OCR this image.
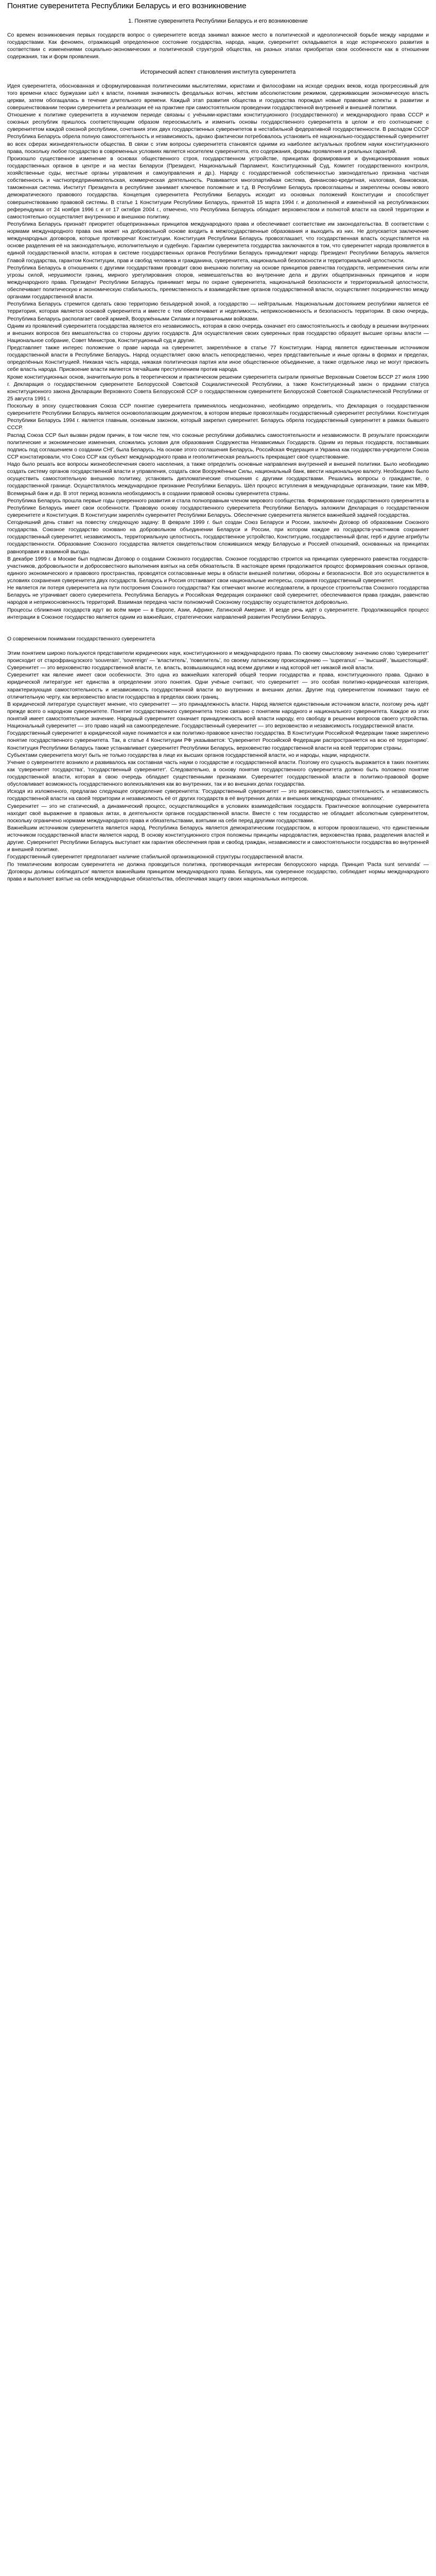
Понятие суверенитета Республики Беларусь и его возникновение
1. Понятие суверенитета Республики Беларусь и его возникновение

Со времен возникновения первых государств вопрос о суверенитете всегда занимал важное место в политической и идеологической борьбе между народами и государствами. Как феномен, отражающий определенное состояние государства, народа, нации, суверенитет складывается в ходе исторического развития в соответствии с изменениями социально-экономических и политической структурой общества, на разных этапах приобретая свои особенности как в отношении содержания, так и форм проявления.

Исторический аспект становления института суверенитета

Идея суверенитета, обоснованная и сформулированная политическими мыслителями, юристами и философами на исходе средних веков, когда прогрессивный для того времени класс буржуазии шёл к власти, понимая значимость феодальных вотчин, жёстким абсолютистским режимом, сдерживающим экономическую власть церкви, затем обогащалась в течение длительного времени. Каждый этап развития общества и государства порождал новые правовые аспекты в развитии и совершенствовании теории суверенитета и реализации её на практике при самостоятельном проведении государственной внутренней и внешней политики.

Отношение к политике суверенитета в изучаемом периоде связаны с учёными-юристами конституционного (государственного) и международного права СССР и союзных республик пришлось соответствующим образом переосмыслить и изменить основы государственного суверенитета в целом и его соотношение с суверенитетом каждой союзной республики, сочетания этих двух государственных суверенитетов в нестабильной федеративной государственности. В распадом СССР Республика Беларусь обрела полную самостоятельность и независимость, однако фактически потребовалось установить её национально-государственный суверенитет во всех сферах жизнедеятельности общества. В связи с этим вопросы суверенитета становятся одними из наиболее актуальных проблем науки конституционного права, поскольку любое государство в современных условиях является носителем суверенитета, его содержания, формы проявления и реальных гарантий.

Произошло существенное изменение в основах общественного строя, государственном устройстве, принципах формирования и функционирования новых государственных органов в центре и на местах Беларуси (Президент, Национальный Парламент, Конституционный Суд, Комитет государственного контроля, хозяйственные суды, местные органы управления и самоуправления и др.). Наряду с государственной собственностью законодательно признана частная собственность и частнопредпринимательская, коммерческая деятельность. Развивается многопартийная система, финансово-кредитная, налоговая, банковская, таможенная система. Институт Президента в республике занимает ключевое положение и т.д. В Республике Беларусь провозглашены и закреплены основы нового демократического правового государства. Концепция суверенитета Республики Беларусь исходит из основных положений Конституции и способствует совершенствованию правовой системы. В статье 1 Конституции Республики Беларусь, принятой 15 марта 1994 г. и дополненной и изменённой на республиканских референдумах от 24 ноября 1996 г. и от 17 октября 2004 г., отмечено, что Республика Беларусь обладает верховенством и полнотой власти на своей территории и самостоятельно осуществляет внутреннюю и внешнюю политику.

Республика Беларусь признаёт приоритет общепризнанных принципов международного права и обеспечивает соответствие им законодательства. В соответствии с нормами международного права она может на добровольной основе входить в межгосударственные образования и выходить из них. Не допускается заключение международных договоров, которые противоречат Конституции. Конституция Республики Беларусь провозглашает, что государственная власть осуществляется на основе разделения её на законодательную, исполнительную и судебную. Гарантии суверенитета государства заключаются в том, что суверенитет народа проявляется в единой государственной власти, которая в системе государственных органов Республики Беларусь принадлежит народу. Президент Республики Беларусь является Главой государства, гарантом Конституции, прав и свобод человека и гражданина, суверенитета, национальной безопасности и территориальной целостности.

Республика Беларусь в отношениях с другими государствами проводит свою внешнюю политику на основе принципов равенства государств, неприменения силы или угрозы силой, нерушимости границ, мирного урегулирования споров, невмешательства во внутренние дела и других общепризнанных принципов и норм международного права. Президент Республики Беларусь принимает меры по охране суверенитета, национальной безопасности и территориальной целостности, обеспечивает политическую и экономическую стабильность, преемственность и взаимодействие органов государственной власти, осуществляет посредничество между органами государственной власти.

Республика Беларусь стремится сделать свою территорию безъядерной зоной, а государство — нейтральным. Национальным достоянием республики является её территория, которая является основой суверенитета и вместе с тем обеспечивает и неделимость, неприкосновенность и безопасность территории. В свою очередь, Республика Беларусь располагает своей армией, Вооружёнными Силами и пограничными войсками.

Одним из проявлений суверенитета государства является его независимость, которая в свою очередь означает его самостоятельность и свободу в решении внутренних и внешних вопросов без вмешательства со стороны других государств. Для осуществления своих суверенных прав государство образует высшие органы власти — Национальное собрание, Совет Министров, Конституционный суд и другие.

Представляет также интерес положение о праве народа на суверенитет, закреплённое в статье 77 Конституции. Народ является единственным источником государственной власти в Республике Беларусь. Народ осуществляет свою власть непосредственно, через представительные и иные органы в формах и пределах, определённых Конституцией. Никакая часть народа, никакая политическая партия или иное общественное объединение, а также отдельное лицо не могут присвоить себе власть народа. Присвоение власти является тягчайшим преступлением против народа.

Кроме конституционных основ, значительную роль в теоретическом и практическом решении суверенитета сыграли принятые Верховным Советом БССР 27 июля 1990 г. Декларация о государственном суверенитете Белорусской Советской Социалистической Республики, а также Конституционный закон о придании статуса конституционного закона Декларации Верховного Совета Белорусской ССР о государственном суверенитете Белорусской Советской Социалистической Республики от 25 августа 1991 г.

Поскольку в эпоху существования Союза ССР понятие суверенитета применялось неоднозначно, необходимо определить, что Декларация о государственном суверенитете Республики Беларусь является основополагающим документом, в котором впервые провозглашён государственный суверенитет республики. Конституция Республики Беларусь 1994 г. является главным, основным законом, который закрепил суверенитет. Беларусь обрела государственный суверенитет в рамках бывшего СССР.

Распад Союза ССР был вызван рядом причин, в том числе тем, что союзные республики добивались самостоятельности и независимости. В результате происходили политические и экономические изменения, сложились условия для образования Содружества Независимых Государств. Одним из первых государств, поставивших подпись под соглашением о создании СНГ, была Беларусь. На основе этого соглашения Беларусь, Российская Федерация и Украина как государства-учредители Союза ССР констатировали, что Союз ССР как субъект международного права и геополитическая реальность прекращает своё существование.

Надо было решать все вопросы жизнеобеспечения своего населения, а также определить основные направления внутренней и внешней политики. Было необходимо создать систему органов государственной власти и управления, создать свои Вооружённые Силы, национальный банк, ввести национальную валюту. Необходимо было осуществить самостоятельную внешнюю политику, установить дипломатические отношения с другими государствами. Решались вопросы о гражданстве, о государственной границе. Осуществлялось международное признание Республики Беларусь. Шёл процесс вступления в международные организации, такие как МВФ, Всемирный банк и др. В этот период возникла необходимость в создании правовой основы суверенитета страны.

Республика Беларусь прошла первые годы суверенного развития и стала полноправным членом мирового сообщества. Формирование государственного суверенитета в Республике Беларусь имеет свои особенности. Правовую основу государственного суверенитета Республики Беларусь заложили Декларация о государственном суверенитете и Конституция. В Конституции закреплён суверенитет Республики Беларусь. Обеспечение суверенитета является важнейшей задачей государства.

Сегодняшний день ставит на повестку следующую задачу: В феврале 1999 г. был создан Союз Беларуси и России, заключён Договор об образовании Союзного государства. Союзное государство основано на добровольном объединении Беларуси и России, при котором каждое из государств-участников сохраняет государственный суверенитет, независимость, территориальную целостность, государственное устройство, Конституцию, государственный флаг, герб и другие атрибуты государственности. Образование Союзного государства является свидетельством сложившихся между Беларусью и Россией отношений, основанных на принципах равноправия и взаимной выгоды.

В декабре 1999 г. в Москве был подписан Договор о создании Союзного государства. Союзное государство строится на принципах суверенного равенства государств-участников, добровольности и добросовестного выполнения взятых на себя обязательств. В настоящее время продолжается процесс формирования союзных органов, единого экономического и правового пространства, проводятся согласованные меры в области внешней политики, обороны и безопасности. Всё это осуществляется в условиях сохранения суверенитета двух государств. Беларусь и Россия отстаивают свои национальные интересы, сохраняя государственный суверенитет.

Не является ли потеря суверенитета на пути построения Союзного государства? Как отмечают многие исследователи, в процессе строительства Союзного государства Беларусь не утрачивает своего суверенитета. Республика Беларусь и Российская Федерация сохраняют свой суверенитет, обеспечиваются права граждан, равенство народов и неприкосновенность территорий. Взаимная передача части полномочий Союзному государству осуществляется добровольно.

Процессы сближения государств идут во всём мире — в Европе, Азии, Африке, Латинской Америке. И везде речь идёт о суверенитете. Продолжающийся процесс интеграции в Союзное государство является одним из важнейших, стратегических направлений развития Республики Беларусь.

О современном понимании государственного суверенитета

Этим понятием широко пользуются представители юридических наук, конституционного и международного права. По своему смысловому значению слово 'суверенитет' происходит от старофранцузского 'souverain', 'sovereign' — 'властитель', 'повелитель', по своему латинскому происхождению — 'superanus' — 'высший', 'вышестоящий'. Суверенитет — это верховенство государственной власти, т.е. власть, возвышающаяся над всеми другими и над которой нет никакой иной власти.

Суверенитет как явление имеет свои особенности. Это одна из важнейших категорий общей теории государства и права, конституционного права. Однако в юридической литературе нет единства в определении этого понятия. Одни учёные считают, что суверенитет — это особая политико-юридическая категория, характеризующая самостоятельность и независимость государственной власти во внутренних и внешних делах. Другие под суверенитетом понимают такую её отличительную черту, как верховенство власти государства в пределах своих границ.

В юридической литературе существует мнение, что суверенитет — это принадлежность власти. Народ является единственным источником власти, поэтому речь идёт прежде всего о народном суверенитете. Понятие государственного суверенитета тесно связано с понятием народного и национального суверенитета. Каждое из этих понятий имеет самостоятельное значение. Народный суверенитет означает принадлежность всей власти народу, его свободу в решении вопросов своего устройства. Национальный суверенитет — это право наций на самоопределение. Государственный суверенитет — это верховенство и независимость государственной власти.

Государственный суверенитет в юридической науке понимается и как политико-правовое качество государства. В Конституции Российской Федерации также закреплено понятие государственного суверенитета. Так, в статье 4 Конституции РФ указывается: 'Суверенитет Российской Федерации распространяется на всю её территорию'. Конституция Республики Беларусь также устанавливает суверенитет Республики Беларусь, верховенство государственной власти на всей территории страны.

Субъектами суверенитета могут быть не только государства в лице их высших органов государственной власти, но и народы, нации, народности.

Учение о суверенитете возникло и развивалось как составная часть науки о государстве и государственной власти. Поэтому его сущность выражается в таких понятиях как 'суверенитет государства', 'государственный суверенитет'. Следовательно, в основу понятия государственного суверенитета должно быть положено понятие государственной власти, которая в свою очередь обладает существенными признаками. Суверенитет государственной власти в политико-правовой форме обусловливает возможность государственного волеизъявления как во внутренних, так и во внешних делах государства.

Исходя из изложенного, предлагаю следующее определение суверенитета: 'Государственный суверенитет — это верховенство, самостоятельность и независимость государственной власти на своей территории и независимость её от других государств в её внутренних делах и внешних международных отношениях'.

Суверенитет — это не статический, а динамический процесс, осуществляющийся в условиях взаимодействия государств. Практическое воплощение суверенитета находит своё выражение в правовых актах, в деятельности органов государственной власти. Вместе с тем государство не обладает абсолютным суверенитетом, поскольку ограничено нормами международного права и обязательствами, взятыми на себя перед другими государствами.

Важнейшим источником суверенитета является народ. Республика Беларусь является демократическим государством, в котором провозглашено, что единственным источником государственной власти является народ. В основу конституционного строя положены принципы народовластия, верховенства права, разделения властей и другие. Суверенитет Республики Беларусь выступает как гарантия обеспечения прав и свобод граждан, независимости и самостоятельности государства во внутренней и внешней политике.

Государственный суверенитет предполагает наличие стабильной организационной структуры государственной власти.

По тематическим вопросам суверенитета не должна проводиться политика, противоречащая интересам белорусского народа. Принцип 'Pacta sunt servanda' — 'Договоры должны соблюдаться' является важнейшим принципом международного права. Беларусь, как суверенное государство, соблюдает нормы международного права и выполняет взятые на себя международные обязательства, обеспечивая защиту своих национальных интересов.
